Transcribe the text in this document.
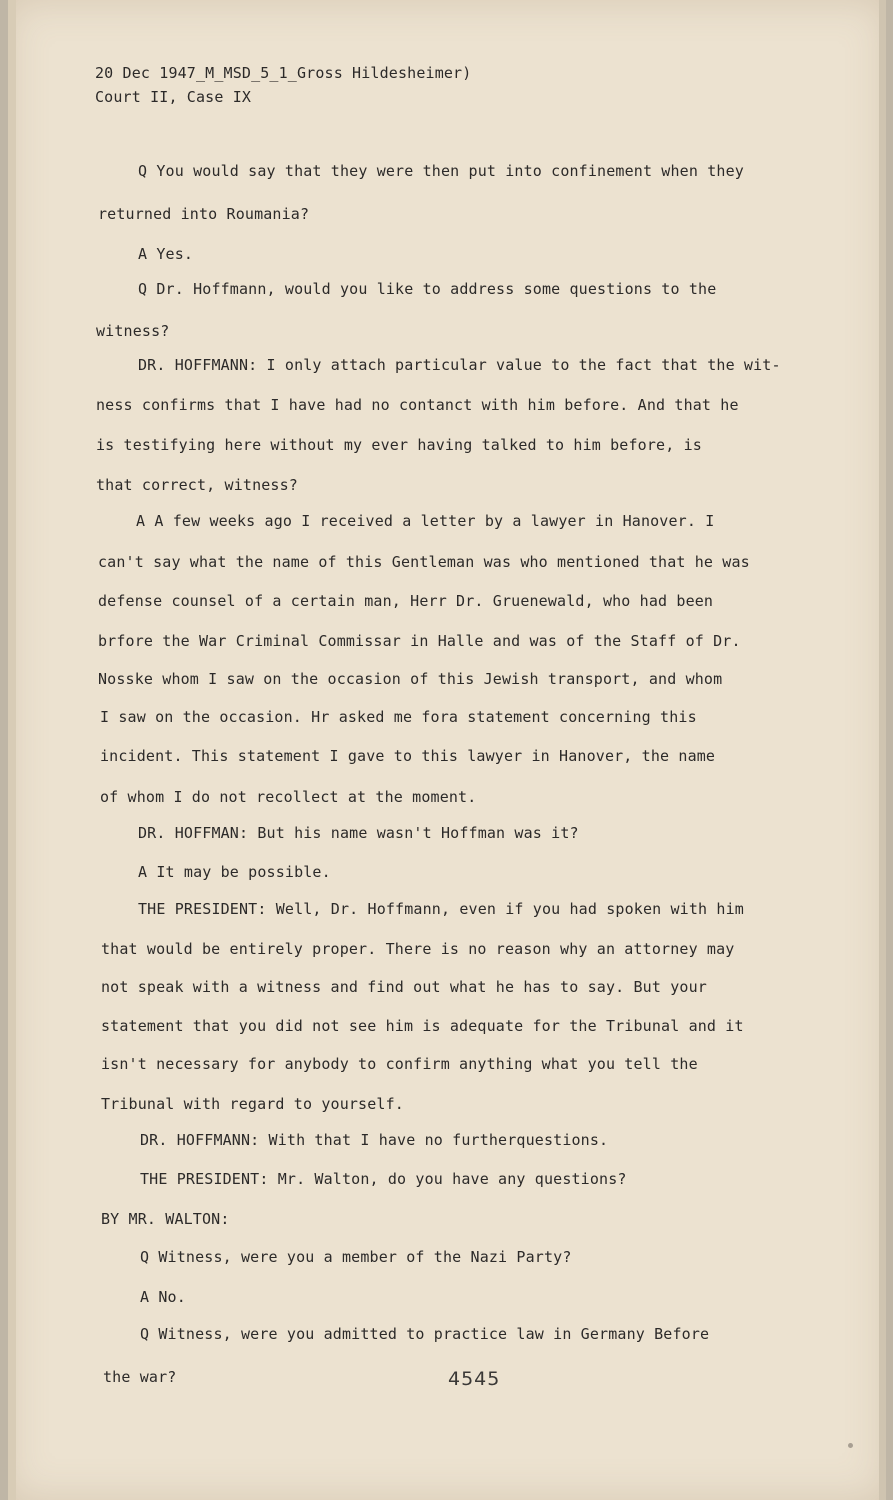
20 Dec 1947_M_MSD_5_1_Gross Hildesheimer)

Court II, Case IX

Q You would say that they were then put into confinement when they

returned into Roumania?

A Yes.

Q Dr. Hoffmann, would you like to address some questions to the

witness?

DR. HOFFMANN: I only attach particular value to the fact that the wit-

ness confirms that I have had no contanct with him before. And that he

is testifying here without my ever having talked to him before, is

that correct, witness?

A A few weeks ago I received a letter by a lawyer in Hanover. I

can't say what the name of this Gentleman was who mentioned that he was

defense counsel of a certain man, Herr Dr. Gruenewald, who had been

brfore the War Criminal Commissar in Halle and was of the Staff of Dr.

Nosske whom I saw on the occasion of this Jewish transport, and whom

I saw on the occasion. Hr asked me fora statement concerning this

incident. This statement I gave to this lawyer in Hanover, the name

of whom I do not recollect at the moment.

DR. HOFFMAN: But his name wasn't Hoffman was it?

A It may be possible.

THE PRESIDENT: Well, Dr. Hoffmann, even if you had spoken with him

that would be entirely proper. There is no reason why an attorney may

not speak with a witness and find out what he has to say. But your

statement that you did not see him is adequate for the Tribunal and it

isn't necessary for anybody to confirm anything what you tell the

Tribunal with regard to yourself.

DR. HOFFMANN: With that I have no furtherquestions.

THE PRESIDENT: Mr. Walton, do you have any questions?

BY MR. WALTON:

Q Witness, were you a member of the Nazi Party?

A No.

Q Witness, were you admitted to practice law in Germany Before

the war?	4545
